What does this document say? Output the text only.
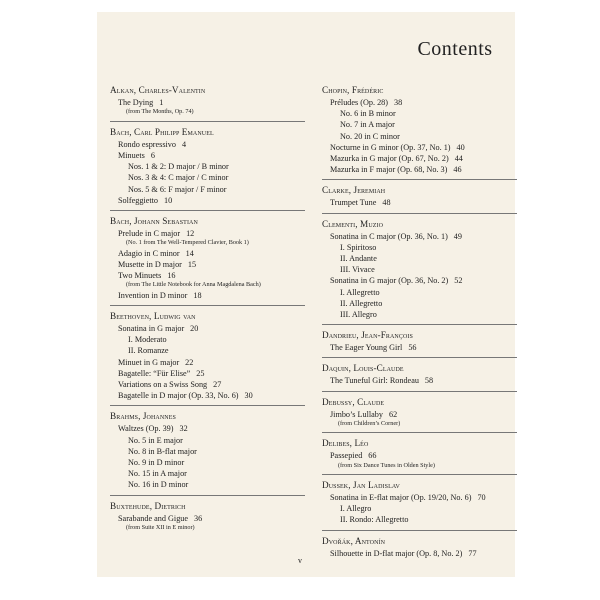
Contents
Alkan, Charles-Valentin
The Dying 1
(from The Months, Op. 74)
Bach, Carl Philipp Emanuel
Rondo espressivo 4
Minuets 6
Nos. 1 & 2: D major / B minor
Nos. 3 & 4: C major / C minor
Nos. 5 & 6: F major / F minor
Solfeggietto 10
Bach, Johann Sebastian
Prelude in C major 12
(No. 1 from The Well-Tempered Clavier, Book 1)
Adagio in C minor 14
Musette in D major 15
Two Minuets 16
(from The Little Notebook for Anna Magdalena Bach)
Invention in D minor 18
Beethoven, Ludwig van
Sonatina in G major 20
I. Moderato
II. Romanze
Minuet in G major 22
Bagatelle: “Für Elise” 25
Variations on a Swiss Song 27
Bagatelle in D major (Op. 33, No. 6) 30
Brahms, Johannes
Waltzes (Op. 39) 32
No. 5 in E major
No. 8 in B-flat major
No. 9 in D minor
No. 15 in A major
No. 16 in D minor
Buxtehude, Dietrich
Sarabande and Gigue 36
(from Suite XII in E minor)
Chopin, Frédéric
Préludes (Op. 28) 38
No. 6 in B minor
No. 7 in A major
No. 20 in C minor
Nocturne in G minor (Op. 37, No. 1) 40
Mazurka in G major (Op. 67, No. 2) 44
Mazurka in F major (Op. 68, No. 3) 46
Clarke, Jeremiah
Trumpet Tune 48
Clementi, Muzio
Sonatina in C major (Op. 36, No. 1) 49
I. Spiritoso
II. Andante
III. Vivace
Sonatina in G major (Op. 36, No. 2) 52
I. Allegretto
II. Allegretto
III. Allegro
Dandrieu, Jean-François
The Eager Young Girl 56
Daquin, Louis-Claude
The Tuneful Girl: Rondeau 58
Debussy, Claude
Jimbo’s Lullaby 62
(from Children’s Corner)
Delibes, Léo
Passepied 66
(from Six Dance Tunes in Olden Style)
Dussek, Jan Ladislav
Sonatina in E-flat major (Op. 19/20, No. 6) 70
I. Allegro
II. Rondo: Allegretto
Dvořák, Antonín
Silhouette in D-flat major (Op. 8, No. 2) 77
v
